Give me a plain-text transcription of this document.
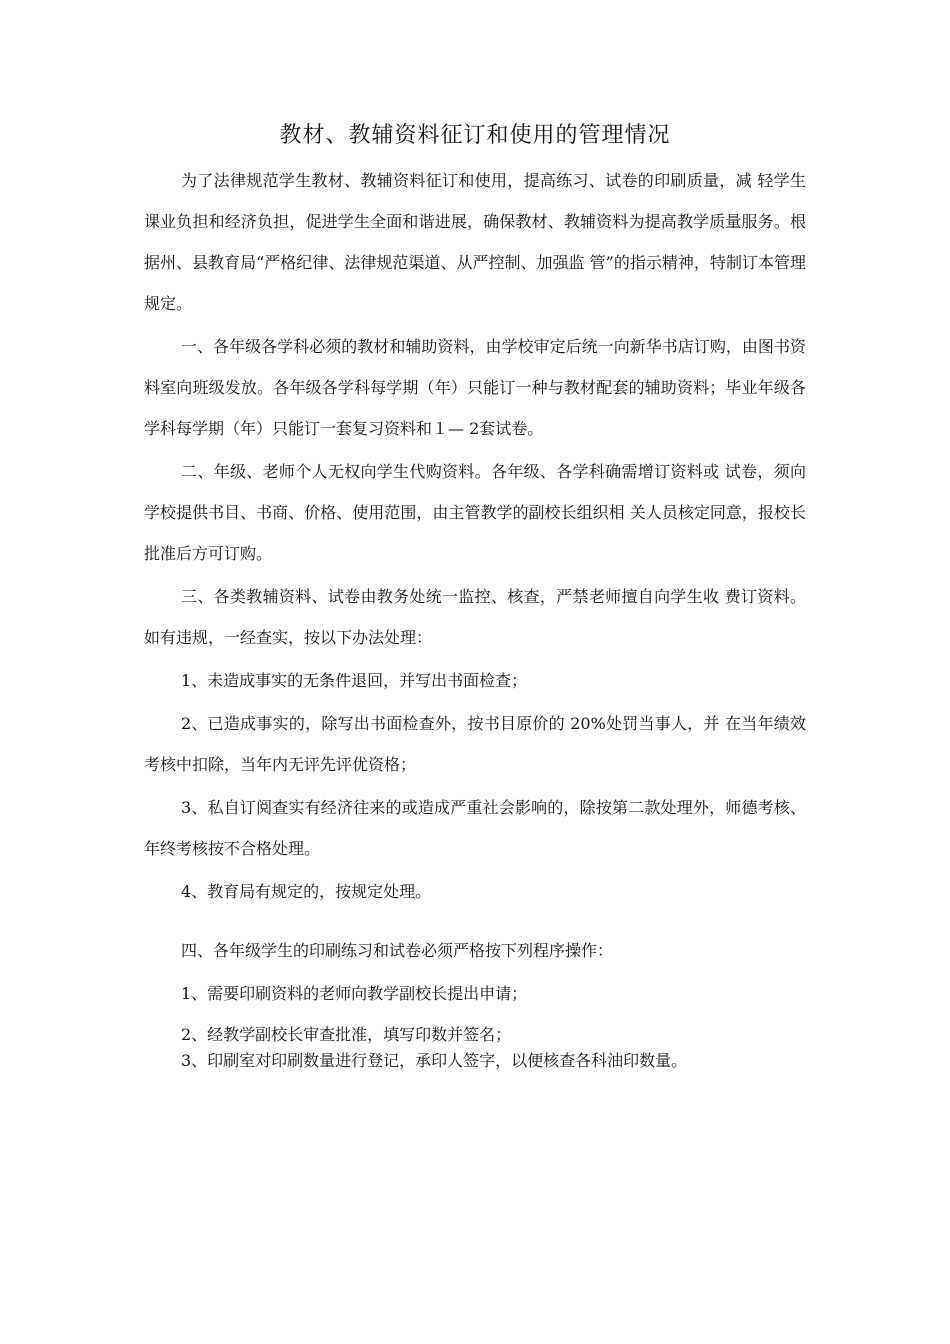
教材、教辅资料征订和使用的管理情况

为了法律规范学生教材、教辅资料征订和使用，提高练习、试卷的印刷质量，减 轻学生课业负担和经济负担，促进学生全面和谐进展，确保教材、教辅资料为提高教学质量服务。根据州、县教育局“严格纪律、法律规范渠道、从严控制、加强监 管”的指示精神，特制订本管理规定。

一、各年级各学科必须的教材和辅助资料，由学校审定后统一向新华书店订购，由图书资料室向班级发放。各年级各学科每学期（年）只能订一种与教材配套的辅助资料；毕业年级各学科每学期（年）只能订一套复习资料和１— 2套试卷。

二、年级、老师个人无权向学生代购资料。各年级、各学科确需增订资料或 试卷，须向学校提供书目、书商、价格、使用范围，由主管教学的副校长组织相 关人员核定同意，报校长批准后方可订购。

三、各类教辅资料、试卷由教务处统一监控、核查，严禁老师擅自向学生收 费订资料。如有违规，一经查实，按以下办法处理：

1、未造成事实的无条件退回，并写出书面检查；

2、已造成事实的，除写出书面检查外，按书目原价的 20%处罚当事人，并 在当年绩效考核中扣除，当年内无评先评优资格；

3、私自订阅查实有经济往来的或造成严重社会影响的，除按第二款处理外，师德考核、年终考核按不合格处理。

4、教育局有规定的，按规定处理。

四、各年级学生的印刷练习和试卷必须严格按下列程序操作：

1、需要印刷资料的老师向教学副校长提出申请；

2、经教学副校长审查批准，填写印数并签名；

3、印刷室对印刷数量进行登记，承印人签字，以便核查各科油印数量。
